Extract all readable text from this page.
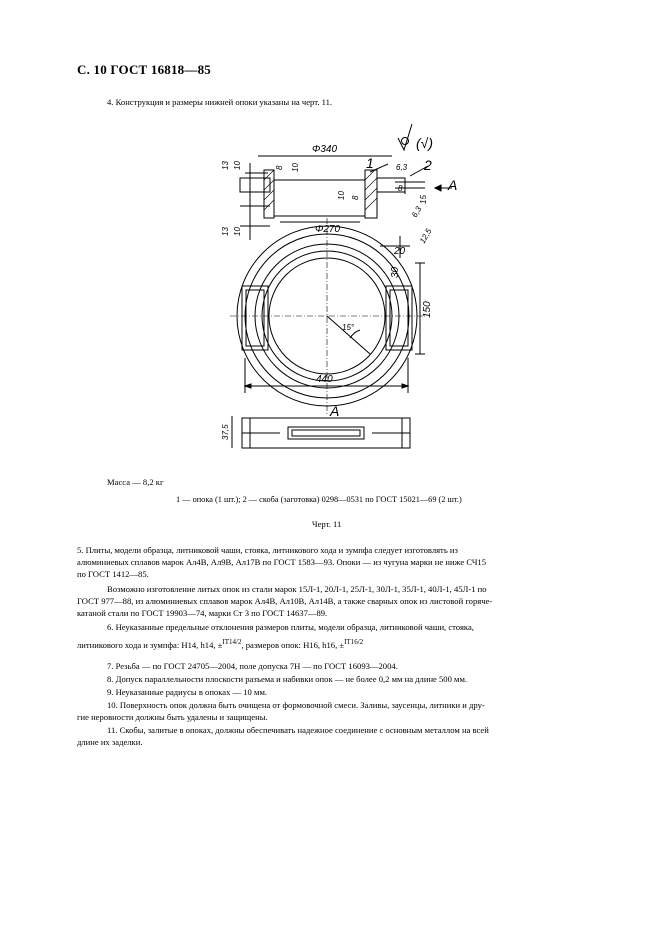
С. 10 ГОСТ 16818—85
4. Конструкция и размеры нижней опоки указаны на черт. 11.
Φ340
Φ270
13 10
13 10
8 10
10 8
8
6,3
15
6,3
12,5
20
30
150
15°
440
37,5
1	2
A
A
(√)
Масса — 8,2 кг
1 — опока (1 шт.); 2 — скоба (заготовка) 0298—0531 по ГОСТ 15021—69 (2 шт.)
Черт. 11
5. Плиты, модели образца, литниковой чаши, стояка, литникового хода и зумпфа следует изготовлять из
алюминиевых сплавов марок Ал4В, Ал9В, Ал17В по ГОСТ 1583—93. Опоки — из чугуна марки не ниже СЧ15
по ГОСТ 1412—85.
Возможно изготовление литых опок из стали марок 15Л-1, 20Л-1, 25Л-1, 30Л-1, 35Л-1, 40Л-1, 45Л-1 по
ГОСТ 977—88, из алюминиевых сплавов марок Ал4В, Ал10В, Ал14В, а также сварных опок из листовой горяче-
катаной стали по ГОСТ 19903—74, марки Ст 3 по ГОСТ 14637—89.
6. Неуказанные предельные отклонения размеров плиты, модели образца, литниковой чаши, стояка,
литникового хода и зумпфа: H14, h14, ±$^{IT14/2}$, размеров опок: H16, h16, ±$^{IT16/2}$
7. Резьба — по ГОСТ 24705—2004, поле допуска 7Н — по ГОСТ 16093—2004.
8. Допуск параллельности плоскости разъема и набивки опок — не более 0,2 мм на длине 500 мм.
9. Неуказанные радиусы в опоках — 10 мм.
10. Поверхность опок должна быть очищена от формовочной смеси. Заливы, заусенцы, литники и дру-
гие неровности должны быть удалены и защищены.
11. Скобы, залитые в опоках, должны обеспечивать надежное соединение с основным металлом на всей
длине их заделки.
